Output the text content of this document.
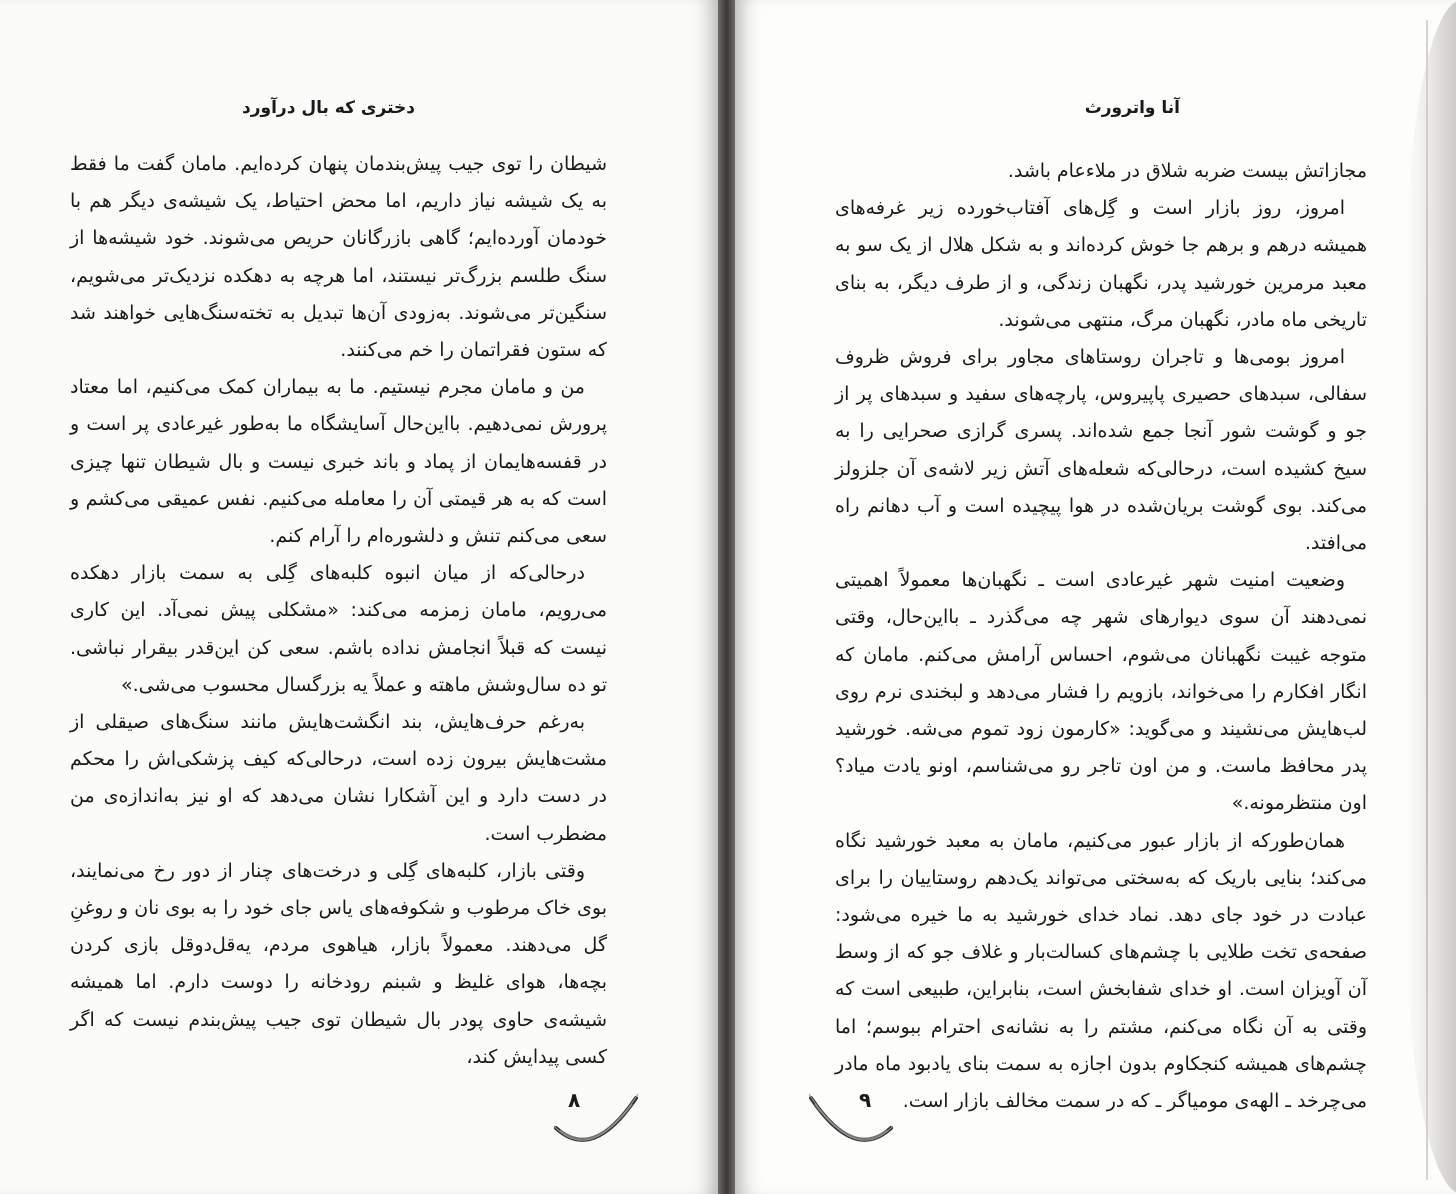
دختری که بال درآورد

شیطان را توی جیب پیش‌بندمان پنهان کرده‌ایم. مامان گفت ما فقط به یک شیشه نیاز داریم، اما محض احتیاط، یک شیشه‌ی دیگر هم با خودمان آورده‌ایم؛ گاهی بازرگانان حریص می‌شوند. خود شیشه‌ها از سنگ طلسم بزرگ‌تر نیستند، اما هرچه به دهکده نزدیک‌تر می‌شویم، سنگین‌تر می‌شوند. به‌زودی آن‌ها تبدیل به تخته‌سنگ‌هایی خواهند شد که ستون فقراتمان را خم می‌کنند.

من و مامان مجرم نیستیم. ما به بیماران کمک می‌کنیم، اما معتاد پرورش نمی‌دهیم. بااین‌حال آسایشگاه ما به‌طور غیرعادی پر است و در قفسه‌هایمان از پماد و باند خبری نیست و بال شیطان تنها چیزی است که به هر قیمتی آن را معامله می‌کنیم. نفس عمیقی می‌کشم و سعی می‌کنم تنش و دلشوره‌ام را آرام کنم.

درحالی‌که از میان انبوه کلبه‌های گِلی به سمت بازار دهکده می‌رویم، مامان زمزمه می‌کند: «مشکلی پیش نمی‌آد. این کاری نیست که قبلاً انجامش نداده باشم. سعی کن این‌قدر بیقرار نباشی. تو ده سال‌وشش ماهته و عملاً یه بزرگسال محسوب می‌شی.»

به‌رغم حرف‌هایش، بند انگشت‌هایش مانند سنگ‌های صیقلی از مشت‌هایش بیرون زده است، درحالی‌که کیف پزشکی‌اش را محکم در دست دارد و این آشکارا نشان می‌دهد که او نیز به‌اندازه‌ی من مضطرب است.

وقتی بازار، کلبه‌های گِلی و درخت‌های چنار از دور رخ می‌نمایند، بوی خاک مرطوب و شکوفه‌های یاس جای خود را به بوی نان و روغنِ گل می‌دهند. معمولاً بازار، هیاهوی مردم، یه‌قل‌دوقل بازی کردن بچه‌ها، هوای غلیظ و شبنم رودخانه را دوست دارم. اما همیشه شیشه‌ی حاوی پودر بال شیطان توی جیب پیش‌بندم نیست که اگر کسی پیدایش کند،

۸
آنا واترورث

مجازاتش بیست ضربه شلاق در ملاءعام باشد.

امروز، روز بازار است و گِل‌های آفتاب‌خورده زیر غرفه‌های همیشه درهم و برهم جا خوش کرده‌اند و به شکل هلال از یک سو به معبد مرمرین خورشید پدر، نگهبان زندگی، و از طرف دیگر، به بنای تاریخی ماه مادر، نگهبان مرگ، منتهی می‌شوند.

امروز بومی‌ها و تاجران روستاهای مجاور برای فروش ظروف سفالی، سبدهای حصیری پاپیروس، پارچه‌های سفید و سبدهای پر از جو و گوشت شور آنجا جمع شده‌اند. پسری گرازی صحرایی را به سیخ کشیده است، درحالی‌که شعله‌های آتش زیر لاشه‌ی آن جلزولز می‌کند. بوی گوشت بریان‌شده در هوا پیچیده است و آب دهانم راه می‌افتد.

وضعیت امنیت شهر غیرعادی است ـ نگهبان‌ها معمولاً اهمیتی نمی‌دهند آن سوی دیوارهای شهر چه می‌گذرد ـ بااین‌حال، وقتی متوجه غیبت نگهبانان می‌شوم، احساس آرامش می‌کنم. مامان که انگار افکارم را می‌خواند، بازویم را فشار می‌دهد و لبخندی نرم روی لب‌هایش می‌نشیند و می‌گوید: «کارمون زود تموم می‌شه. خورشید پدر محافظ ماست. و من اون تاجر رو می‌شناسم، اونو یادت میاد؟ اون منتظرمونه.»

همان‌طورکه از بازار عبور می‌کنیم، مامان به معبد خورشید نگاه می‌کند؛ بنایی باریک که به‌سختی می‌تواند یک‌دهم روستاییان را برای عبادت در خود جای دهد. نماد خدای خورشید به ما خیره می‌شود: صفحه‌ی تخت طلایی با چشم‌های کسالت‌بار و غلاف جو که از وسط آن آویزان است. او خدای شفابخش است، بنابراین، طبیعی است که وقتی به آن نگاه می‌کنم، مشتم را به نشانه‌ی احترام ببوسم؛ اما چشم‌های همیشه کنجکاوم بدون اجازه به سمت بنای یادبود ماه مادر می‌چرخد ـ الهه‌ی مومیاگر ـ که در سمت مخالف بازار است.

۹
